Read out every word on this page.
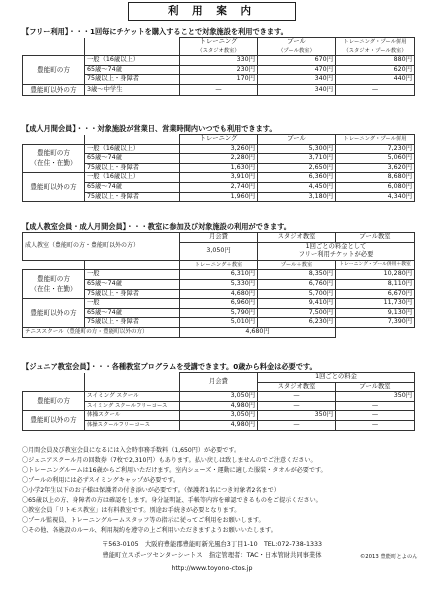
利 用 案 内
【フリー利用】・・・1回毎にチケットを購入することで対象施設を利用できます。
		トレーニング
（スタジオ教室）	プール
（プール教室）	トレーニング・プール併用
（スタジオ・プール教室）
豊能町の方	一般（16歳以上）	330円	670円	880円
	65歳〜74歳	230円	470円	620円
	75歳以上・身障者	170円	340円	440円
豊能町以外の方	3歳〜中学生	—	340円	—
【成人月間会員】・・・対象施設が営業日、営業時間内いつでも利用できます。
		トレーニング	プール	トレーニング・プール併用
豊能町の方
（在住・在勤）	一般（16歳以上）	3,260円	5,300円	7,230円
	65歳〜74歳	2,280円	3,710円	5,060円
	75歳以上・身障者	1,630円	2,650円	3,620円
豊能町以外の方	一般（16歳以上）	3,910円	6,360円	8,680円
	65歳〜74歳	2,740円	4,450円	6,080円
	75歳以上・身障者	1,960円	3,180円	4,340円
【成人教室会員・成人月間会員】・・・教室に参加及び対象施設の利用ができます。
成人教室（豊能町の方・豊能町以外の方）		月会費	スタジオ教室	プール教室
		3,050円	1回ごとの料金として
フリー利用チケットが必要	
		トレーニング＋教室	プール＋教室	トレーニング・プール併用＋教室
豊能町の方
（在住・在勤）	一般	6,310円	8,350円	10,280円
	65歳〜74歳	5,330円	6,760円	8,110円
	75歳以上・身障者	4,680円	5,700円	6,670円
豊能町以外の方	一般	6,960円	9,410円	11,730円
	65歳〜74歳	5,790円	7,500円	9,130円
	75歳以上・身障者	5,010円	6,230円	7,390円
テニススクール（豊能町の方・豊能町以外の方）		4,680円		
【ジュニア教室会員】・・・各種教室プログラムを受講できます。0歳から料金は必要です。
		月会費	1回ごとの料金	
			スタジオ教室	プール教室
豊能町の方	スイミング スクール	3,050円	—	350円
	スイミング スクールフリーコース	4,980円	—	—
豊能町以外の方	体操スクール	3,050円	350円	—
	体操スクールフリーコース	4,980円	—	—
〇月間会員及び教室会員になるには入会時事務手数料（1,650円）が必要です。
〇ジュニアスクール月の回数券（7枚で2,310円）もあります。払い戻しは致しませんのでご注意ください。
〇トレーニングルームは16歳からご利用いただけます。室内シューズ・運動に適した服装・タオルが必要です。
〇プールの利用には必ずスイミングキャップが必要です。
〇小学2年生以下のお子様は保護者の付き添いが必要です。（保護者1名につき対象者2名まで）
〇65歳以上の方、身障者の方は確認をします。身分証明証、手帳等内容を確認できるものをご提示ください。
〇教室会員「リトモス教室」は有料教室です。別途お手続きが必要となります。
〇プール監視員、トレーニングルームスタッフ等の指示に従ってご利用をお願いします。
〇その他、各施設のルール、利用規約を遵守の上ご利用いただきますようお願いいたします。
〒563-0105　大阪府豊能郡豊能町新光風台3丁目1-10　TEL:072-738-1333
豊能町立スポーツセンターシートス　指定管理者：TAC・日本管財共同事業体	©2013 豊能町とよのん
http://www.toyono-ctos.jp
